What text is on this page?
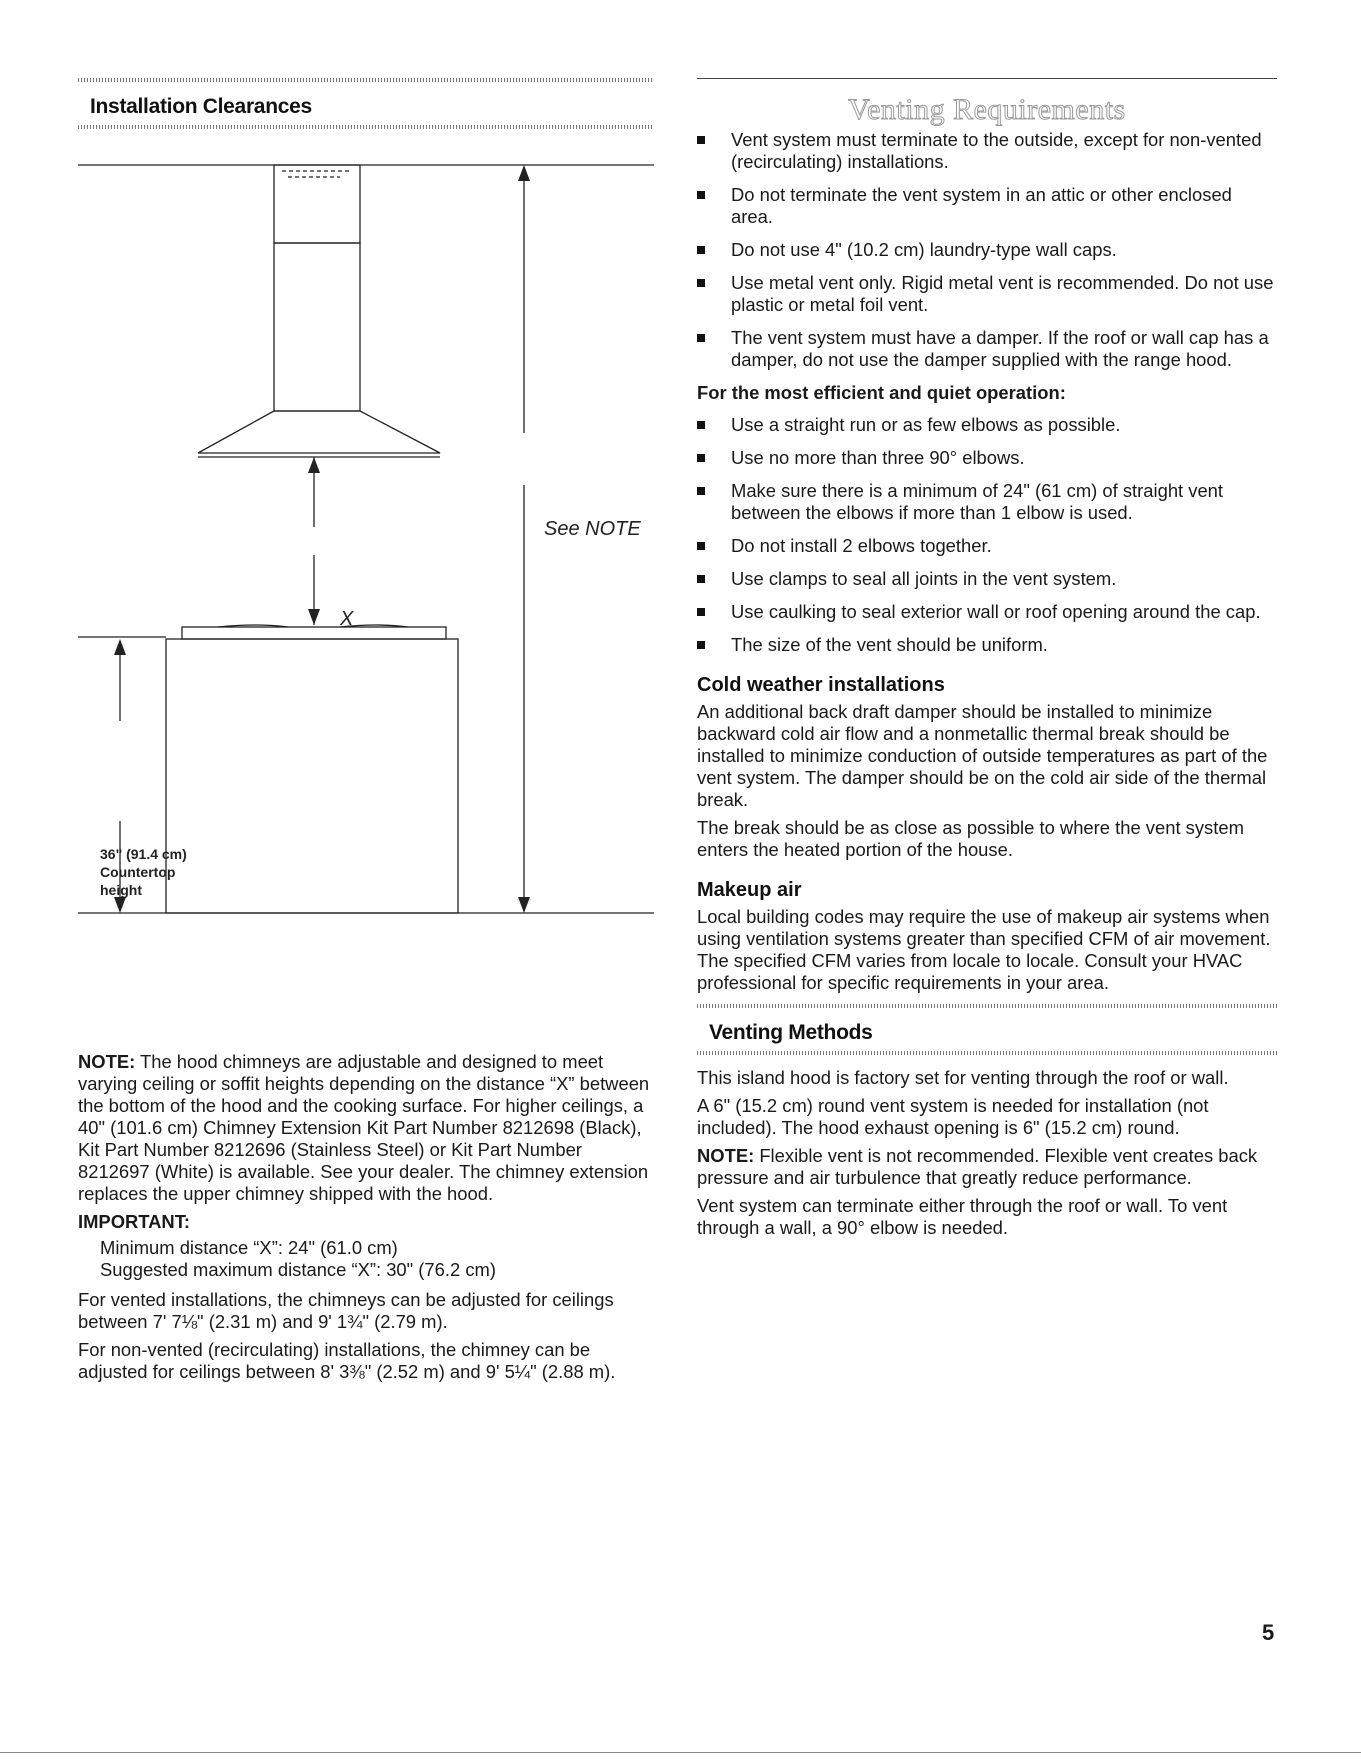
Installation Clearances
See NOTE
X
36" (91.4 cm)
Countertop
height

NOTE: The hood chimneys are adjustable and designed to meet varying ceiling or soffit heights depending on the distance “X” between the bottom of the hood and the cooking surface. For higher ceilings, a 40" (101.6 cm) Chimney Extension Kit Part Number 8212698 (Black), Kit Part Number 8212696 (Stainless Steel) or Kit Part Number 8212697 (White) is available. See your dealer. The chimney extension replaces the upper chimney shipped with the hood.

IMPORTANT:
Minimum distance “X”: 24" (61.0 cm)
Suggested maximum distance “X”: 30" (76.2 cm)

For vented installations, the chimneys can be adjusted for ceilings between 7' 7⅛" (2.31 m) and 9' 1¾" (2.79 m).

For non-vented (recirculating) installations, the chimney can be adjusted for ceilings between 8' 3⅜" (2.52 m) and 9' 5¼" (2.88 m).

Venting Requirements
Vent system must terminate to the outside, except for non-vented (recirculating) installations.
Do not terminate the vent system in an attic or other enclosed area.
Do not use 4" (10.2 cm) laundry-type wall caps.
Use metal vent only. Rigid metal vent is recommended. Do not use plastic or metal foil vent.
The vent system must have a damper. If the roof or wall cap has a damper, do not use the damper supplied with the range hood.
For the most efficient and quiet operation:
Use a straight run or as few elbows as possible.
Use no more than three 90° elbows.
Make sure there is a minimum of 24" (61 cm) of straight vent between the elbows if more than 1 elbow is used.
Do not install 2 elbows together.
Use clamps to seal all joints in the vent system.
Use caulking to seal exterior wall or roof opening around the cap.
The size of the vent should be uniform.
Cold weather installations

An additional back draft damper should be installed to minimize backward cold air flow and a nonmetallic thermal break should be installed to minimize conduction of outside temperatures as part of the vent system. The damper should be on the cold air side of the thermal break.

The break should be as close as possible to where the vent system enters the heated portion of the house.

Makeup air

Local building codes may require the use of makeup air systems when using ventilation systems greater than specified CFM of air movement. The specified CFM varies from locale to locale. Consult your HVAC professional for specific requirements in your area.

Venting Methods

This island hood is factory set for venting through the roof or wall.

A 6" (15.2 cm) round vent system is needed for installation (not included). The hood exhaust opening is 6" (15.2 cm) round.

NOTE: Flexible vent is not recommended. Flexible vent creates back pressure and air turbulence that greatly reduce performance.

Vent system can terminate either through the roof or wall. To vent through a wall, a 90° elbow is needed.

5
